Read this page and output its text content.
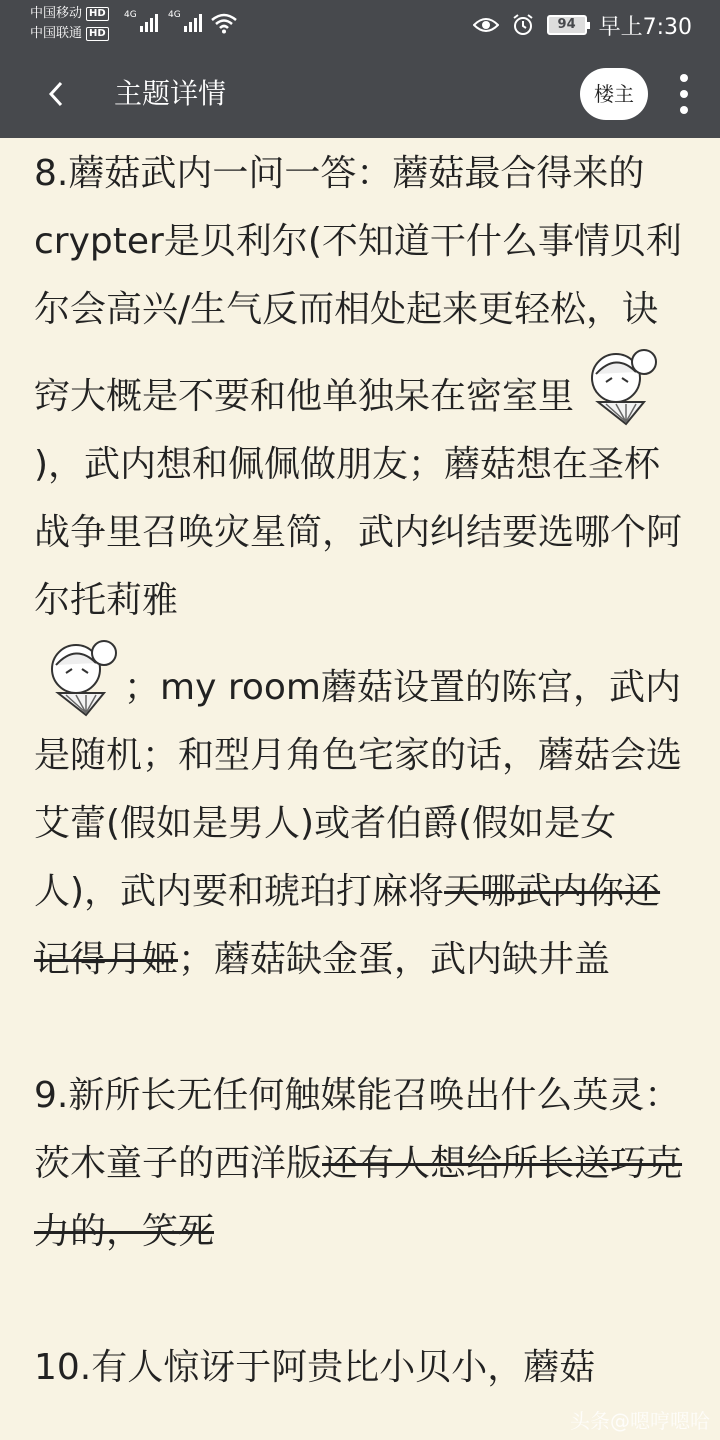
中国移动 HD
中国联通 HD
4G	4G
94	早上7:30
主题详情	楼主

8.蘑菇武内一问一答：蘑菇最合得来的crypter是贝利尔(不知道干什么事情贝利尔会高兴/生气反而相处起来更轻松，诀窍大概是不要和他单独呆在密室里)，武内想和佩佩做朋友；蘑菇想在圣杯战争里召唤灾星简，武内纠结要选哪个阿尔托莉雅
；my room蘑菇设置的陈宫，武内是随机；和型月角色宅家的话，蘑菇会选艾蕾(假如是男人)或者伯爵(假如是女人)，武内要和琥珀打麻将天哪武内你还记得月姬；蘑菇缺金蛋，武内缺井盖

9.新所长无任何触媒能召唤出什么英灵：茨木童子的西洋版还有人想给所长送巧克力的，笑死

10.有人惊讶于阿贵比小贝小，蘑菇

头条@嗯哼嗯哈
